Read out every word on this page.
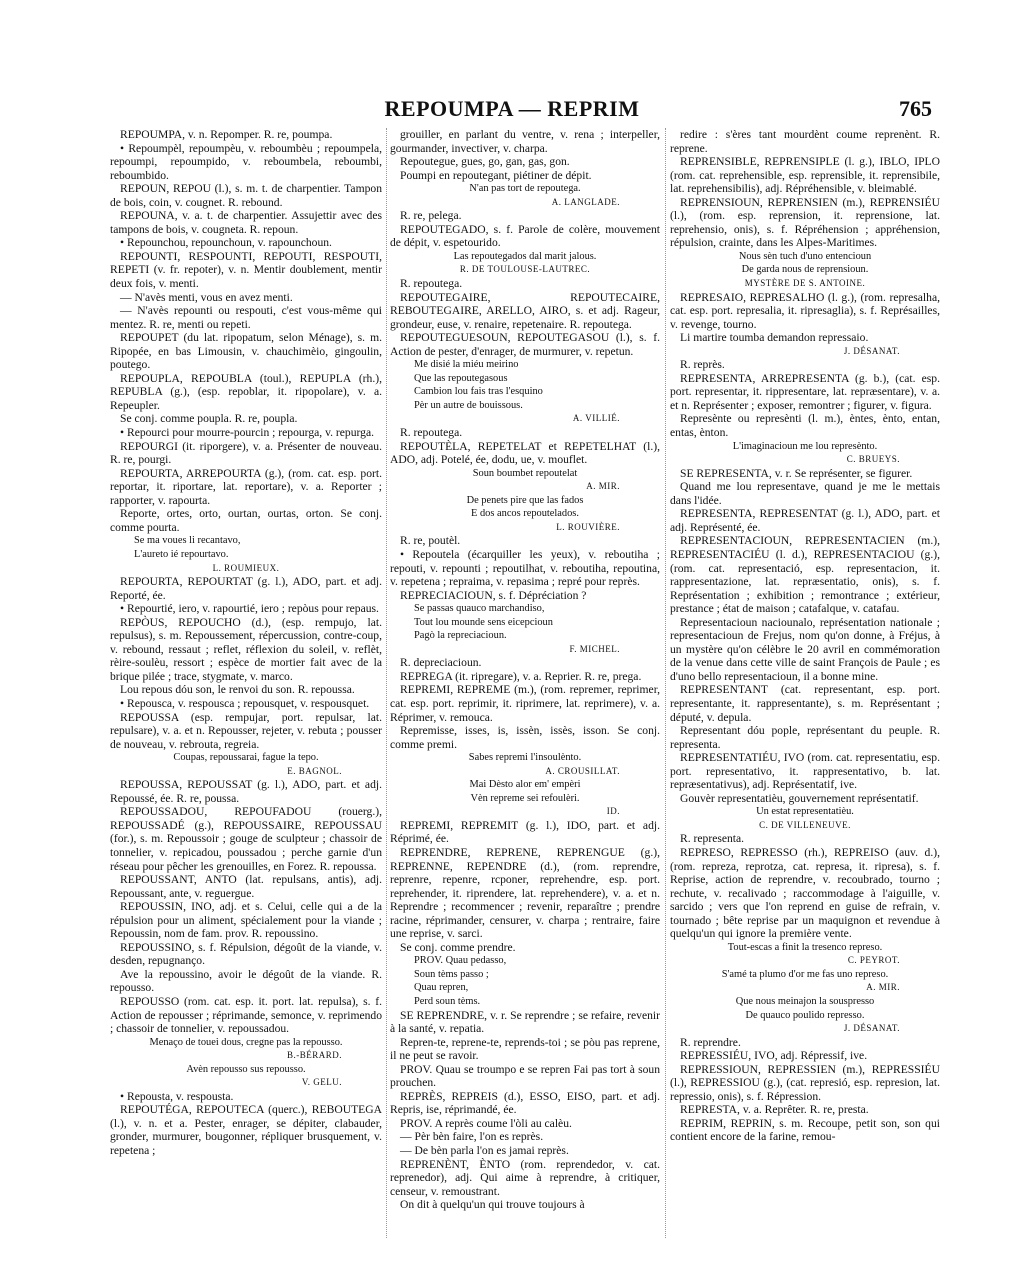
REPOUMPA — REPRIM	765

REPOUMPA, v. n. Repomper. R. re, poumpa.

• Repoumpèl, repoumpèu, v. reboumbèu ; repoumpela, repoumpi, repoumpido, v. reboumbela, reboumbi, reboumbido.

REPOUN, REPOU (l.), s. m. t. de charpentier. Tampon de bois, coin, v. cougnet. R. rebound.

REPOUNA, v. a. t. de charpentier. Assujettir avec des tampons de bois, v. cougneta. R. repoun.

• Repounchou, repounchoun, v. rapounchoun.

REPOUNTI, RESPOUNTI, REPOUTI, RESPOUTI, REPETI (v. fr. repoter), v. n. Mentir doublement, mentir deux fois, v. menti.

— N'avès menti, vous en avez menti.

— N'avès repounti ou respouti, c'est vous-même qui mentez. R. re, menti ou repeti.

REPOUPET (du lat. ripopatum, selon Ménage), s. m. Ripopée, en bas Limousin, v. chauchimèio, gingoulin, poutego.

REPOUPLA, REPOUBLA (toul.), REPUPLA (rh.), REPUBLA (g.), (esp. repoblar, it. ripopolare), v. a. Repeupler.

Se conj. comme poupla. R. re, poupla.

• Repourci pour mourre-pourcin ; repourga, v. repurga.

REPOURGI (it. riporgere), v. a. Présenter de nouveau. R. re, pourgi.

REPOURTA, ARREPOURTA (g.), (rom. cat. esp. port. reportar, it. riportare, lat. reportare), v. a. Reporter ; rapporter, v. rapourta.

Reporte, ortes, orto, ourtan, ourtas, orton. Se conj. comme pourta.

Se ma voues li recantavo,

L'aureto ié repourtavo.

L. ROUMIEUX.

REPOURTA, REPOURTAT (g. l.), ADO, part. et adj. Reporté, ée.

• Repourtié, iero, v. rapourtié, iero ; repòus pour repaus.

REPÒUS, REPOUCHO (d.), (esp. rempujo, lat. repulsus), s. m. Repoussement, répercussion, contre-coup, v. rebound, ressaut ; reflet, réflexion du soleil, v. reflèt, rèire-soulèu, ressort ; espèce de mortier fait avec de la brique pilée ; trace, stygmate, v. marco.

Lou repous dóu son, le renvoi du son. R. repoussa.

• Repousca, v. respousca ; repousquet, v. respousquet.

REPOUSSA (esp. rempujar, port. repulsar, lat. repulsare), v. a. et n. Repousser, rejeter, v. rebuta ; pousser de nouveau, v. rebrouta, regreia.

Coupas, repoussarai, fague la tepo.

E. BAGNOL.

REPOUSSA, REPOUSSAT (g. l.), ADO, part. et adj. Repoussé, ée. R. re, poussa.

REPOUSSADOU, REPOUFADOU (rouerg.), REPOUSSADÉ (g.), REPOUSSAIRE, REPOUSSAU (for.), s. m. Repoussoir ; gouge de sculpteur ; chassoir de tonnelier, v. repicadou, poussadou ; perche garnie d'un réseau pour pêcher les grenouilles, en Forez. R. repoussa.

REPOUSSANT, ANTO (lat. repulsans, antis), adj. Repoussant, ante, v. reguergue.

REPOUSSIN, INO, adj. et s. Celui, celle qui a de la répulsion pour un aliment, spécialement pour la viande ; Repoussin, nom de fam. prov. R. repoussino.

REPOUSSINO, s. f. Répulsion, dégoût de la viande, v. desden, repugnanço.

Ave la repoussino, avoir le dégoût de la viande. R. repousso.

REPOUSSO (rom. cat. esp. it. port. lat. repulsa), s. f. Action de repousser ; réprimande, semonce, v. reprimendo ; chassoir de tonnelier, v. repoussadou.

Menaço de touei dous, cregne pas la repousso.

B.-BÉRARD.

Avèn repousso sus repousso.

V. GELU.

• Repousta, v. respousta.

REPOUTÉGA, REPOUTECA (querc.), REBOUTEGA (l.), v. n. et a. Pester, enrager, se dépiter, clabauder, gronder, murmurer, bougonner, répliquer brusquement, v. repetena ;

grouiller, en parlant du ventre, v. rena ; interpeller, gourmander, invectiver, v. charpa.

Repoutegue, gues, go, gan, gas, gon.

Poumpi en repoutegant, piétiner de dépit.

N'an pas tort de repoutega.

A. LANGLADE.

R. re, pelega.

REPOUTEGADO, s. f. Parole de colère, mouvement de dépit, v. espetourido.

Las repoutegados dal marit jalous.

R. DE TOULOUSE-LAUTREC.

R. repoutega.

REPOUTEGAIRE, REPOUTECAIRE, REBOUTEGAIRE, ARELLO, AIRO, s. et adj. Rageur, grondeur, euse, v. renaire, repetenaire. R. repoutega.

REPOUTEGUESOUN, REPOUTEGASOU (l.), s. f. Action de pester, d'enrager, de murmurer, v. repetun.

Me disié la miéu meirino

Que las repoutegasous

Cambion lou fais tras l'esquino

Pèr un autre de bouissous.

A. VILLIÉ.

R. repoutega.

REPOUTÈLA, REPETELAT et REPETELHAT (l.), ADO, adj. Potelé, ée, dodu, ue, v. mouflet.

Soun boumbet repoutelat

A. MIR.

De penets pire que las fados

E dos ancos repoutelados.

L. ROUVIÈRE.

R. re, poutèl.

• Repoutela (écarquiller les yeux), v. reboutiha ; repouti, v. repounti ; repoutilhat, v. reboutiha, repoutina, v. repetena ; repraima, v. repasima ; repré pour reprès.

REPRECIACIOUN, s. f. Dépréciation ?

Se passas quauco marchandiso,

Tout lou mounde sens eicepcioun

Pagò la repreciacioun.

F. MICHEL.

R. depreciacioun.

REPREGA (it. ripregare), v. a. Reprier. R. re, prega.

REPREMI, REPREME (m.), (rom. repremer, reprimer, cat. esp. port. reprimir, it. riprimere, lat. reprimere), v. a. Réprimer, v. remouca.

Repremisse, isses, is, issèn, issès, isson. Se conj. comme premi.

Sabes repremi l'insoulènto.

A. CROUSILLAT.

Mai Dèsto alor em' empèri

Vèn repreme sei refoulèri.

ID.

REPREMI, REPREMIT (g. l.), IDO, part. et adj. Réprimé, ée.

REPRENDRE, REPRENE, REPRENGUE (g.), REPRENNE, REPENDRE (d.), (rom. reprendre, reprenre, repenre, rcponer, reprehendre, esp. port. reprehender, it. riprendere, lat. reprehendere), v. a. et n. Reprendre ; recommencer ; revenir, reparaître ; prendre racine, réprimander, censurer, v. charpa ; rentraire, faire une reprise, v. sarci.

Se conj. comme prendre.

PROV. Quau pedasso,

Soun tèms passo ;

Quau repren,

Perd soun tèms.

SE REPRENDRE, v. r. Se reprendre ; se refaire, revenir à la santé, v. repatia.

Repren-te, reprene-te, reprends-toi ; se pòu pas reprene, il ne peut se ravoir.

PROV. Quau se troumpo e se repren Fai pas tort à soun prouchen.

REPRÈS, REPREIS (d.), ESSO, EISO, part. et adj. Repris, ise, réprimandé, ée.

PROV. A reprès coume l'òli au calèu.

— Pèr bèn faire, l'on es reprès.

— De bèn parla l'on es jamai reprès.

REPRENÈNT, ÈNTO (rom. reprendedor, v. cat. reprenedor), adj. Qui aime à reprendre, à critiquer, censeur, v. remoustrant.

On dit à quelqu'un qui trouve toujours à

redire : s'ères tant mourdènt coume reprenènt. R. reprene.

REPRENSIBLE, REPRENSIPLE (l. g.), IBLO, IPLO (rom. cat. reprehensible, esp. reprensible, it. reprensibile, lat. reprehensibilis), adj. Répréhensible, v. bleimablé.

REPRENSIOUN, REPRENSIEN (m.), REPRENSIÉU (l.), (rom. esp. reprension, it. reprensione, lat. reprehensio, onis), s. f. Répréhension ; appréhension, répulsion, crainte, dans les Alpes-Maritimes.

Nous sèn tuch d'uno entencioun

De garda nous de reprensioun.

MYSTÈRE DE S. ANTOINE.

REPRESAIO, REPRESALHO (l. g.), (rom. represalha, cat. esp. port. represalia, it. ripresaglia), s. f. Représailles, v. revenge, tourno.

Li martire toumba demandon repressaio.

J. DÉSANAT.

R. reprès.

REPRESENTA, ARREPRESENTA (g. b.), (cat. esp. port. representar, it. rippresentare, lat. repræsentare), v. a. et n. Représenter ; exposer, remontrer ; figurer, v. figura.

Represènte ou represènti (l. m.), èntes, ènto, entan, entas, ènton.

L'imaginacioun me lou represènto.

C. BRUEYS.

SE REPRESENTA, v. r. Se représenter, se figurer.

Quand me lou representave, quand je me le mettais dans l'idée.

REPRESENTA, REPRESENTAT (g. l.), ADO, part. et adj. Représenté, ée.

REPRESENTACIOUN, REPRESENTACIEN (m.), REPRESENTACIÉU (l. d.), REPRESENTACIOU (g.), (rom. cat. representació, esp. representacion, it. rappresentazione, lat. repræsentatio, onis), s. f. Représentation ; exhibition ; remontrance ; extérieur, prestance ; état de maison ; catafalque, v. catafau.

Representacioun naciounalo, représentation nationale ; representacioun de Frejus, nom qu'on donne, à Fréjus, à un mystère qu'on célèbre le 20 avril en commémoration de la venue dans cette ville de saint François de Paule ; es d'uno bello representacioun, il a bonne mine.

REPRESENTANT (cat. representant, esp. port. representante, it. rappresentante), s. m. Représentant ; député, v. depula.

Representant dóu pople, représentant du peuple. R. representa.

REPRESENTATIÉU, IVO (rom. cat. representatiu, esp. port. representativo, it. rappresentativo, b. lat. repræsentativus), adj. Représentatif, ive.

Gouvèr representatièu, gouvernement représentatif.

Un estat representatièu.

C. DE VILLENEUVE.

R. representa.

REPRESO, REPRESSO (rh.), REPREISO (auv. d.), (rom. repreza, reprotza, cat. represa, it. ripresa), s. f. Reprise, action de reprendre, v. recoubrado, tourno ; rechute, v. recalivado ; raccommodage à l'aiguille, v. sarcido ; vers que l'on reprend en guise de refrain, v. tournado ; bête reprise par un maquignon et revendue à quelqu'un qui ignore la première vente.

Tout-escas a finit la tresenco represo.

C. PEYROT.

S'amé ta plumo d'or me fas uno represo.

A. MIR.

Que nous meinajon la souspresso

De quauco poulido represso.

J. DÉSANAT.

R. reprendre.

REPRESSIÉU, IVO, adj. Répressif, ive.

REPRESSIOUN, REPRESSIEN (m.), REPRESSIÉU (l.), REPRESSIOU (g.), (cat. represió, esp. represion, lat. repressio, onis), s. f. Répression.

REPRESTA, v. a. Reprêter. R. re, presta.

REPRIM, REPRIN, s. m. Recoupe, petit son, son qui contient encore de la farine, remou-
